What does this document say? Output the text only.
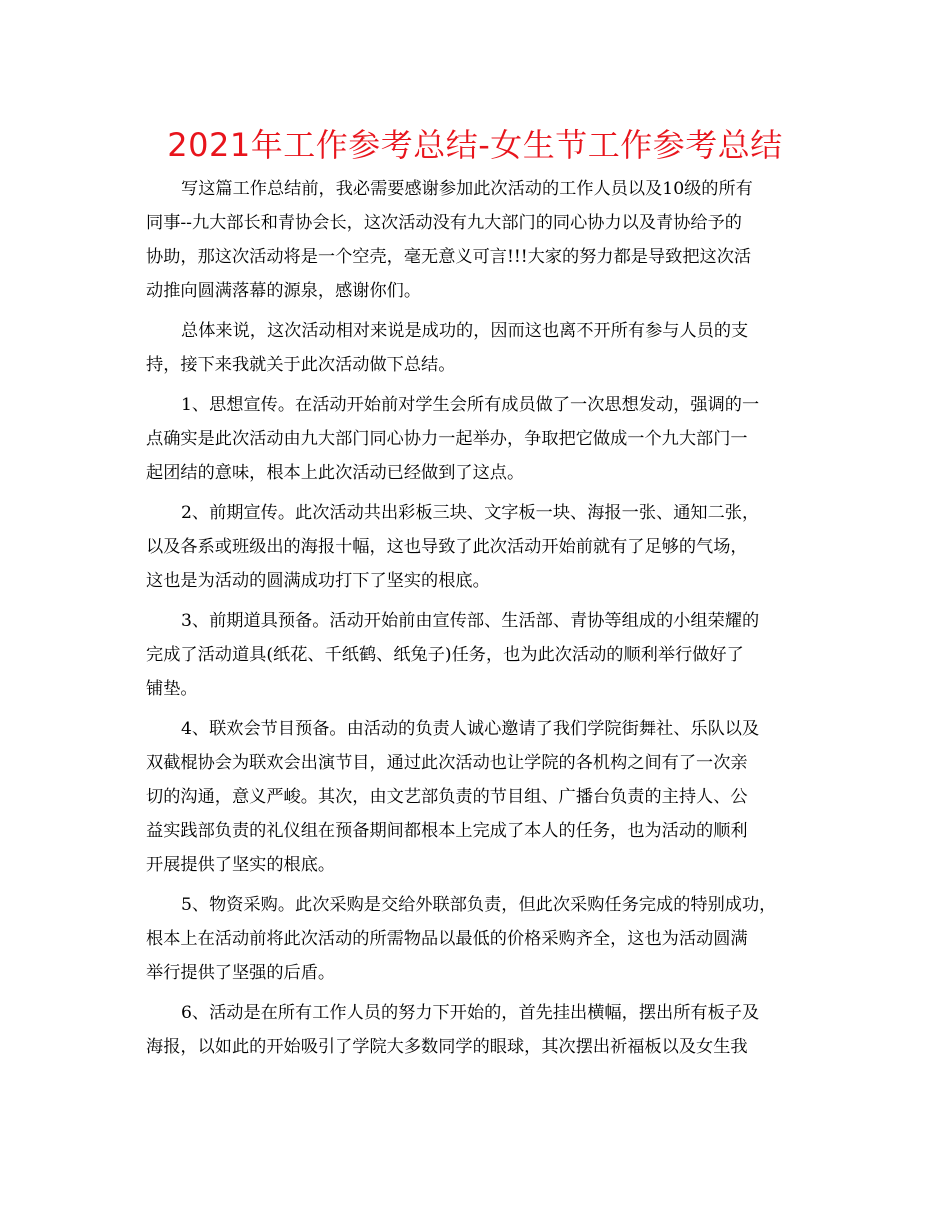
2021年工作参考总结-女生节工作参考总结
写这篇工作总结前，我必需要感谢参加此次活动的工作人员以及10级的所有
同事--九大部长和青协会长，这次活动没有九大部门的同心协力以及青协给予的
协助，那这次活动将是一个空壳，毫无意义可言!!!大家的努力都是导致把这次活
动推向圆满落幕的源泉，感谢你们。
总体来说，这次活动相对来说是成功的，因而这也离不开所有参与人员的支
持，接下来我就关于此次活动做下总结。
1、思想宣传。在活动开始前对学生会所有成员做了一次思想发动，强调的一
点确实是此次活动由九大部门同心协力一起举办，争取把它做成一个九大部门一
起团结的意味，根本上此次活动已经做到了这点。
2、前期宣传。此次活动共出彩板三块、文字板一块、海报一张、通知二张，
以及各系或班级出的海报十幅，这也导致了此次活动开始前就有了足够的气场，
这也是为活动的圆满成功打下了坚实的根底。
3、前期道具预备。活动开始前由宣传部、生活部、青协等组成的小组荣耀的
完成了活动道具(纸花、千纸鹤、纸兔子)任务，也为此次活动的顺利举行做好了
铺垫。
4、联欢会节目预备。由活动的负责人诚心邀请了我们学院街舞社、乐队以及
双截棍协会为联欢会出演节目，通过此次活动也让学院的各机构之间有了一次亲
切的沟通，意义严峻。其次，由文艺部负责的节目组、广播台负责的主持人、公
益实践部负责的礼仪组在预备期间都根本上完成了本人的任务，也为活动的顺利
开展提供了坚实的根底。
5、物资采购。此次采购是交给外联部负责，但此次采购任务完成的特别成功，
根本上在活动前将此次活动的所需物品以最低的价格采购齐全，这也为活动圆满
举行提供了坚强的后盾。
6、活动是在所有工作人员的努力下开始的，首先挂出横幅，摆出所有板子及
海报，以如此的开始吸引了学院大多数同学的眼球，其次摆出祈福板以及女生我
